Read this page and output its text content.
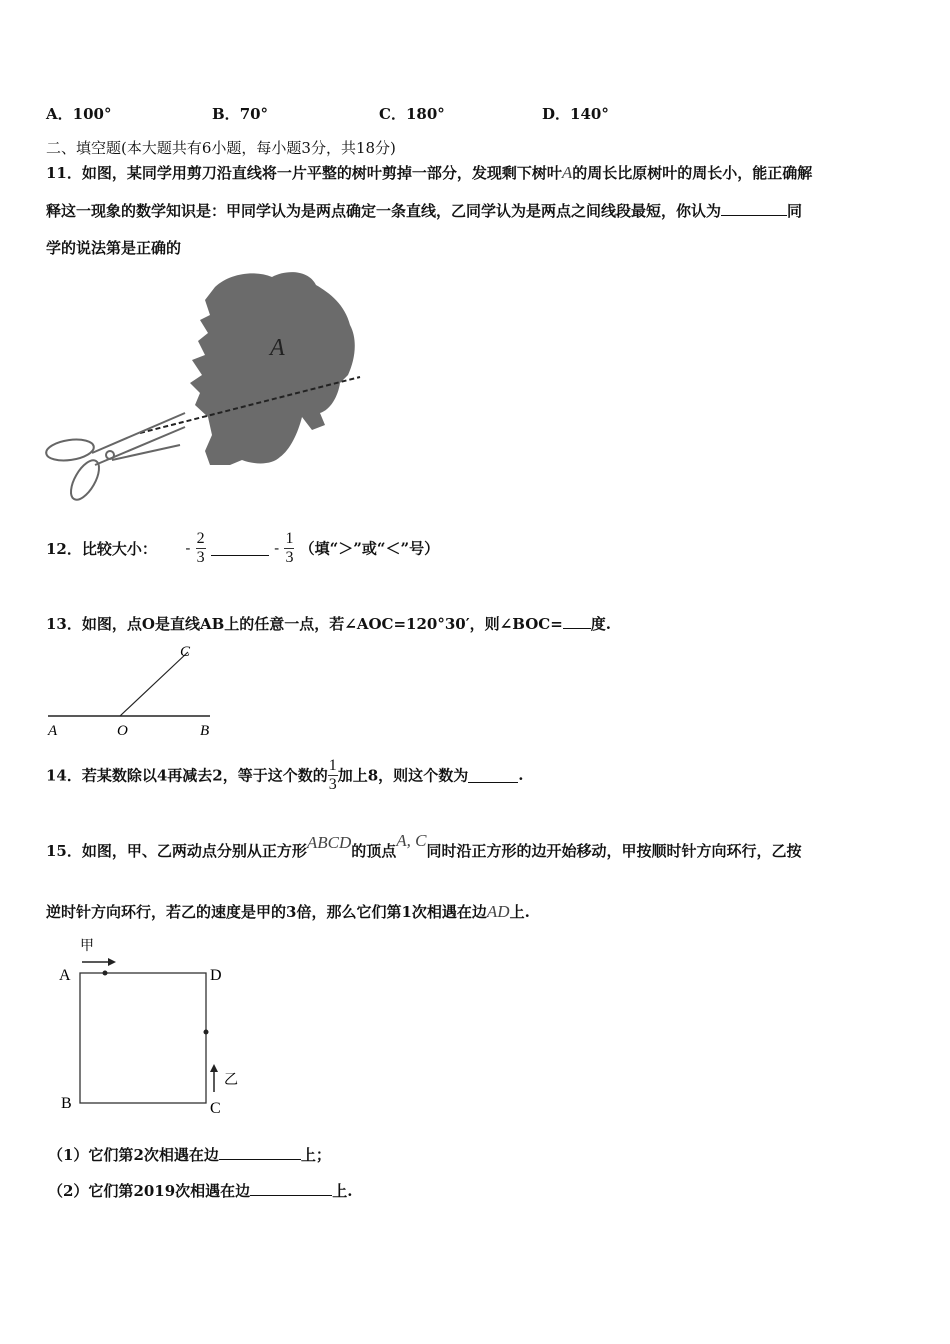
A．100°	B．70°	C．180°	D．140°
二、填空题(本大题共有6小题，每小题3分，共18分)
11．如图，某同学用剪刀沿直线将一片平整的树叶剪掉一部分，发现剩下树叶A的周长比原树叶的周长小，能正确解
释这一现象的数学知识是：甲同学认为是两点确定一条直线，乙同学认为是两点之间线段最短，你认为	同
学的说法第是正确的
A
12．比较大小： - $\frac{2}{3}$	- $\frac{1}{3}$ （填“＞”或“＜”号）
13．如图，点O是直线AB上的任意一点，若∠AOC=120°30′，则∠BOC= 度.
A	O	B
C
14．若某数除以4再减去2，等于这个数的 $\frac{1}{3}$ 加上8，则这个数为	.
15．如图，甲、乙两动点分别从正方形ABCD的顶点A, C同时沿正方形的边开始移动，甲按顺时针方向环行，乙按
逆时针方向环行，若乙的速度是甲的3倍，那么它们第1次相遇在边AD上.
甲
乙
A	D
B	C
（1）它们第2次相遇在边	上；
（2）它们第2019次相遇在边	上.
